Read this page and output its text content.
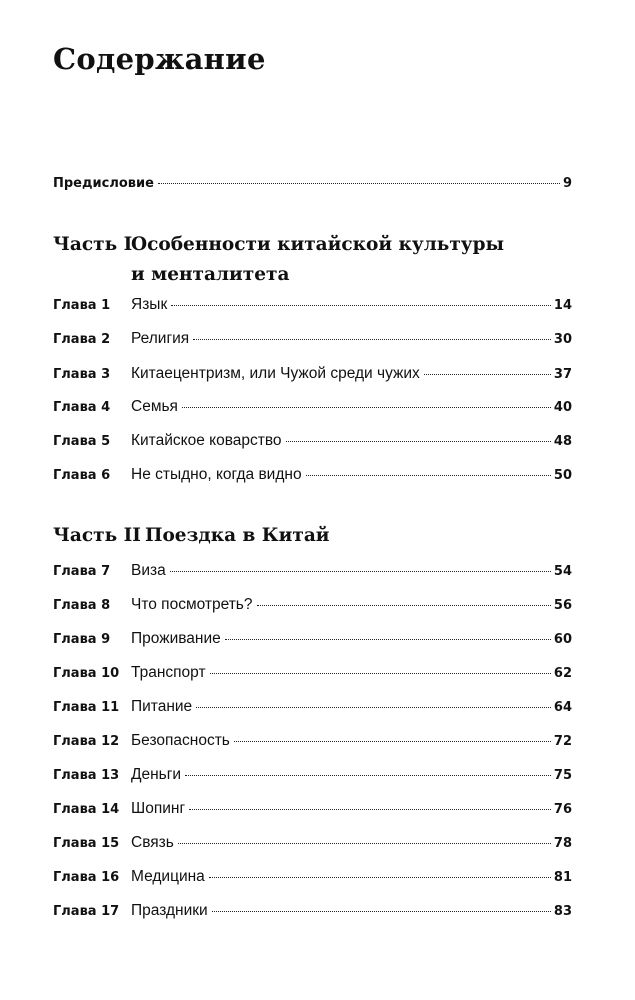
Содержание
Предисловие	9
Часть I
Особенности китайской культуры и менталитета
Глава 1	Язык	14
Глава 2	Религия	30
Глава 3	Китаецентризм, или Чужой среди чужих	37
Глава 4	Семья	40
Глава 5	Китайское коварство	48
Глава 6	Не стыдно, когда видно	50
Часть II Поездка в Китай
Глава 7	Виза	54
Глава 8	Что посмотреть?	56
Глава 9	Проживание	60
Глава 10 Транспорт	62
Глава 11 Питание	64
Глава 12 Безопасность	72
Глава 13 Деньги	75
Глава 14 Шопинг	76
Глава 15 Связь	78
Глава 16 Медицина	81
Глава 17 Праздники	83
